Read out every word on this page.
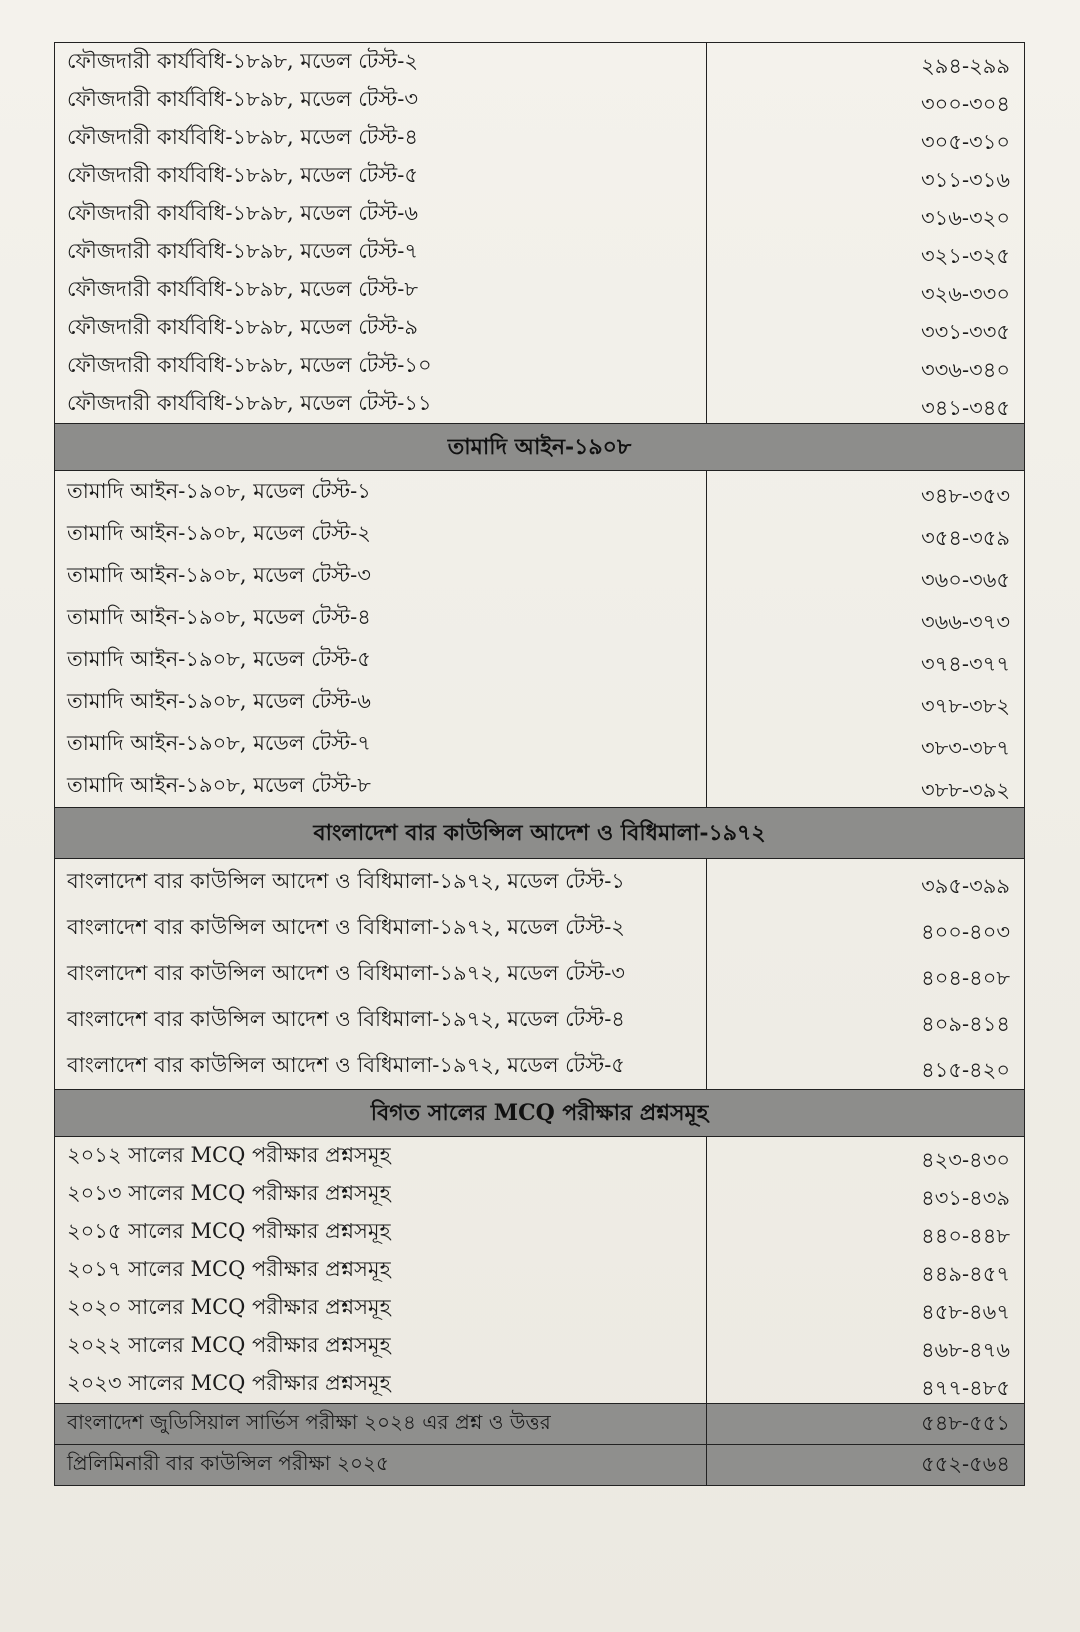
ফৌজদারী কার্যবিধি-১৮৯৮, মডেল টেস্ট-২	২৯৪-২৯৯
ফৌজদারী কার্যবিধি-১৮৯৮, মডেল টেস্ট-৩	৩০০-৩০৪
ফৌজদারী কার্যবিধি-১৮৯৮, মডেল টেস্ট-৪	৩০৫-৩১০
ফৌজদারী কার্যবিধি-১৮৯৮, মডেল টেস্ট-৫	৩১১-৩১৬
ফৌজদারী কার্যবিধি-১৮৯৮, মডেল টেস্ট-৬	৩১৬-৩২০
ফৌজদারী কার্যবিধি-১৮৯৮, মডেল টেস্ট-৭	৩২১-৩২৫
ফৌজদারী কার্যবিধি-১৮৯৮, মডেল টেস্ট-৮	৩২৬-৩৩০
ফৌজদারী কার্যবিধি-১৮৯৮, মডেল টেস্ট-৯	৩৩১-৩৩৫
ফৌজদারী কার্যবিধি-১৮৯৮, মডেল টেস্ট-১০	৩৩৬-৩৪০
ফৌজদারী কার্যবিধি-১৮৯৮, মডেল টেস্ট-১১	৩৪১-৩৪৫
তামাদি আইন-১৯০৮
তামাদি আইন-১৯০৮, মডেল টেস্ট-১	৩৪৮-৩৫৩
তামাদি আইন-১৯০৮, মডেল টেস্ট-২	৩৫৪-৩৫৯
তামাদি আইন-১৯০৮, মডেল টেস্ট-৩	৩৬০-৩৬৫
তামাদি আইন-১৯০৮, মডেল টেস্ট-৪	৩৬৬-৩৭৩
তামাদি আইন-১৯০৮, মডেল টেস্ট-৫	৩৭৪-৩৭৭
তামাদি আইন-১৯০৮, মডেল টেস্ট-৬	৩৭৮-৩৮২
তামাদি আইন-১৯০৮, মডেল টেস্ট-৭	৩৮৩-৩৮৭
তামাদি আইন-১৯০৮, মডেল টেস্ট-৮	৩৮৮-৩৯২
বাংলাদেশ বার কাউন্সিল আদেশ ও বিধিমালা-১৯৭২
বাংলাদেশ বার কাউন্সিল আদেশ ও বিধিমালা-১৯৭২, মডেল টেস্ট-১	৩৯৫-৩৯৯
বাংলাদেশ বার কাউন্সিল আদেশ ও বিধিমালা-১৯৭২, মডেল টেস্ট-২	৪০০-৪০৩
বাংলাদেশ বার কাউন্সিল আদেশ ও বিধিমালা-১৯৭২, মডেল টেস্ট-৩	৪০৪-৪০৮
বাংলাদেশ বার কাউন্সিল আদেশ ও বিধিমালা-১৯৭২, মডেল টেস্ট-৪	৪০৯-৪১৪
বাংলাদেশ বার কাউন্সিল আদেশ ও বিধিমালা-১৯৭২, মডেল টেস্ট-৫	৪১৫-৪২০
বিগত সালের MCQ পরীক্ষার প্রশ্নসমূহ
২০১২ সালের MCQ পরীক্ষার প্রশ্নসমূহ	৪২৩-৪৩০
২০১৩ সালের MCQ পরীক্ষার প্রশ্নসমূহ	৪৩১-৪৩৯
২০১৫ সালের MCQ পরীক্ষার প্রশ্নসমূহ	৪৪০-৪৪৮
২০১৭ সালের MCQ পরীক্ষার প্রশ্নসমূহ	৪৪৯-৪৫৭
২০২০ সালের MCQ পরীক্ষার প্রশ্নসমূহ	৪৫৮-৪৬৭
২০২২ সালের MCQ পরীক্ষার প্রশ্নসমূহ	৪৬৮-৪৭৬
২০২৩ সালের MCQ পরীক্ষার প্রশ্নসমূহ	৪৭৭-৪৮৫
বাংলাদেশ জুডিসিয়াল সার্ভিস পরীক্ষা ২০২৪ এর প্রশ্ন ও উত্তর	৫৪৮-৫৫১
প্রিলিমিনারী বার কাউন্সিল পরীক্ষা ২০২৫	৫৫২-৫৬৪
